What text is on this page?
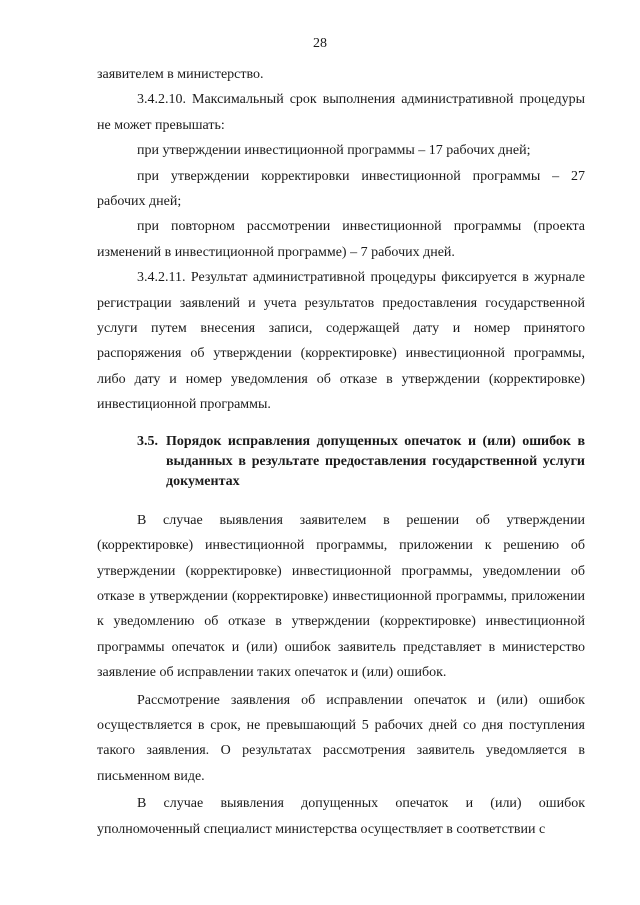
28

заявителем в министерство.

3.4.2.10. Максимальный срок выполнения административной процедуры не может превышать:

при утверждении инвестиционной программы – 17 рабочих дней;

при утверждении корректировки инвестиционной программы – 27 рабочих дней;

при повторном рассмотрении инвестиционной программы (проекта изменений в инвестиционной программе) – 7 рабочих дней.

3.4.2.11. Результат административной процедуры фиксируется в журнале регистрации заявлений и учета результатов предоставления государственной услуги путем внесения записи, содержащей дату и номер принятого распоряжения об утверждении (корректировке) инвестиционной программы, либо дату и номер уведомления об отказе в утверждении (корректировке) инвестиционной программы.

3.5. Порядок исправления допущенных опечаток и (или) ошибок в выданных в результате предоставления государственной услуги документах

В случае выявления заявителем в решении об утверждении (корректировке) инвестиционной программы, приложении к решению об утверждении (корректировке) инвестиционной программы, уведомлении об отказе в утверждении (корректировке) инвестиционной программы, приложении к уведомлению об отказе в утверждении (корректировке) инвестиционной программы опечаток и (или) ошибок заявитель представляет в министерство заявление об исправлении таких опечаток и (или) ошибок.

Рассмотрение заявления об исправлении опечаток и (или) ошибок осуществляется в срок, не превышающий 5 рабочих дней со дня поступления такого заявления. О результатах рассмотрения заявитель уведомляется в письменном виде.

В случае выявления допущенных опечаток и (или) ошибок уполномоченный специалист министерства осуществляет в соответствии с
